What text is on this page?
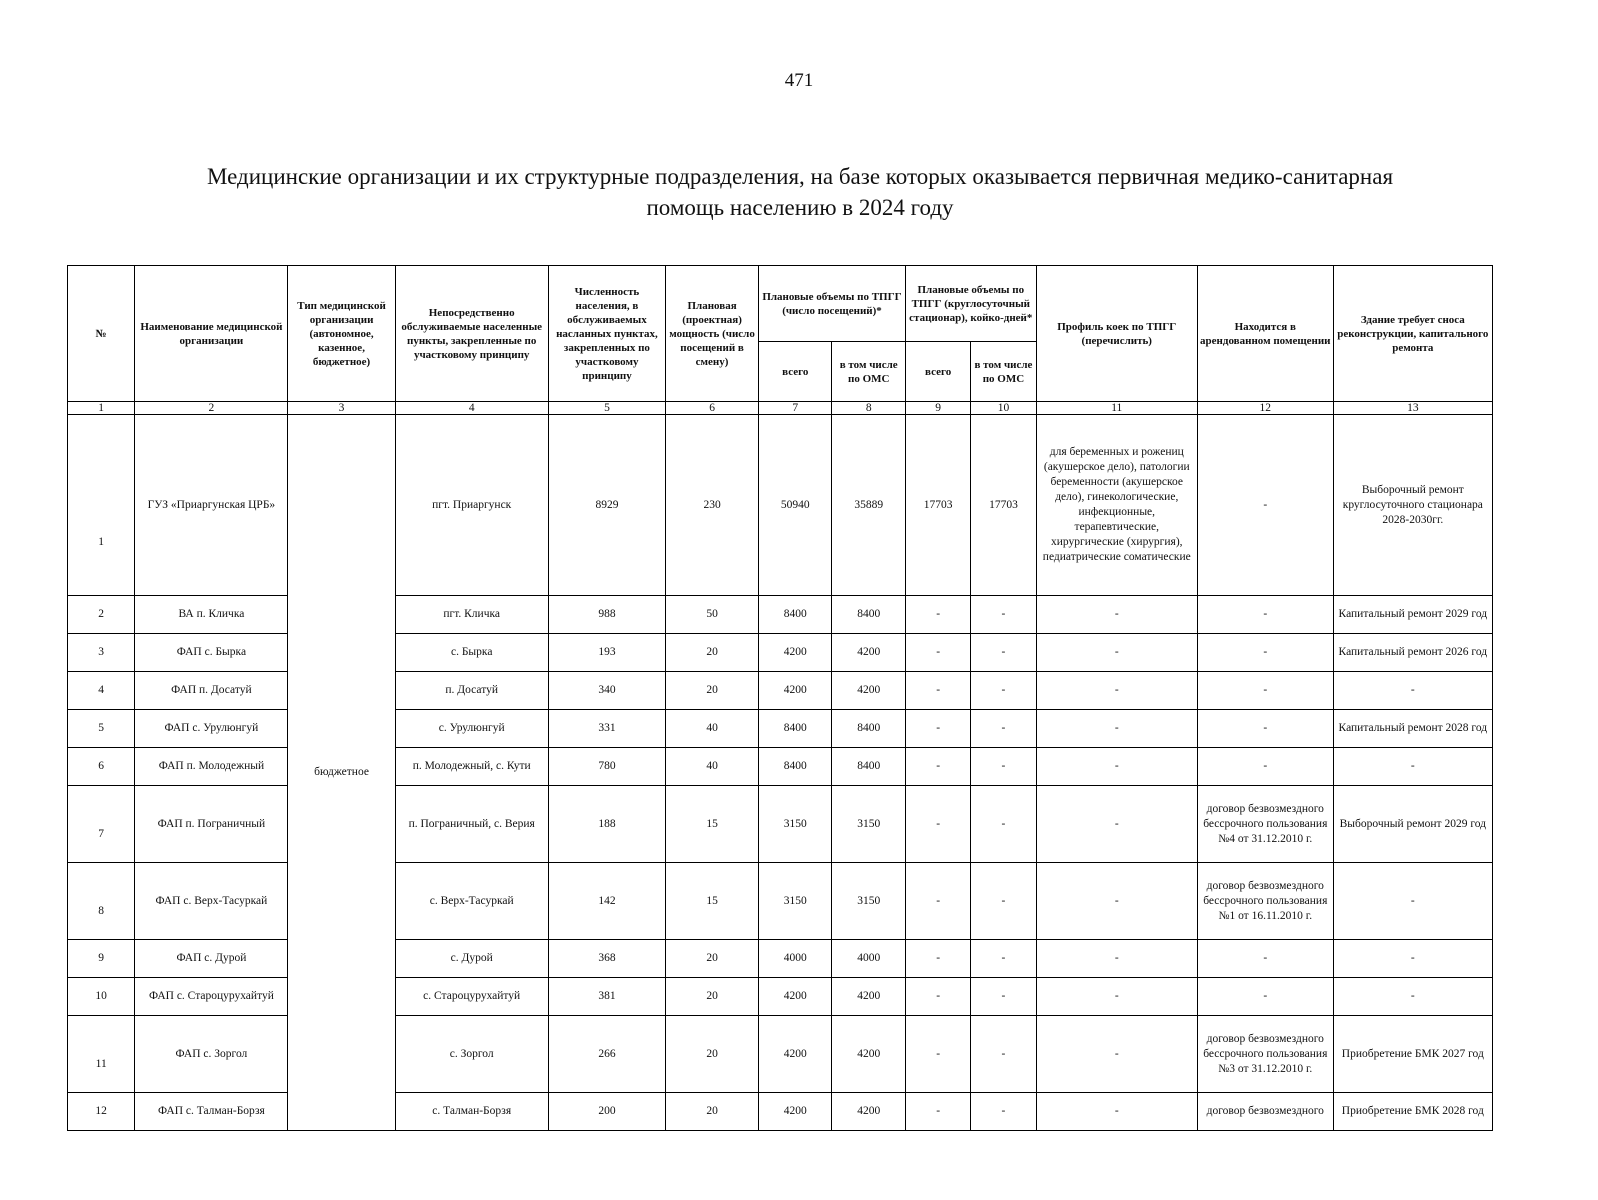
471
Медицинские организации и их структурные подразделения, на базе которых оказывается первичная медико-санитарная
помощь населению в 2024 году
№	Наименование медицинской организации	Тип медицинской организации (автономное, казенное, бюджетное)	Непосредственно обслуживаемые населенные пункты, закрепленные по участковому принципу	Численность населения, в обслуживаемых насланных пунктах, закрепленных по участковому принципу	Плановая (проектная) мощность (число посещений в смену)	Плановые объемы по ТПГГ (число посещений)*		Плановые объемы по ТПГГ (круглосуточный стационар), койко-дней*		Профиль коек по ТПГГ (перечислить)	Находится в арендованном помещении	Здание требует сноса реконструкции, капитального ремонта
						всего	в том числе по ОМС	всего	в том числе по ОМС			
1	2	3	4	5	6	7	8	9	10	11	12	13
1	ГУЗ «Приаргунская ЦРБ»	бюджетное	пгт. Приаргунск	8929	230	50940	35889	17703	17703	для беременных и рожениц (акушерское дело), патологии беременности (акушерское дело), гинекологические, инфекционные, терапевтические, хирургические (хирургия), педиатрические соматические	-	Выборочный ремонт круглосуточного стационара 2028-2030гг.
2	ВА п. Кличка		пгт. Кличка	988	50	8400	8400	-	-	-	-	Капитальный ремонт 2029 год
3	ФАП с. Бырка		с. Бырка	193	20	4200	4200	-	-	-	-	Капитальный ремонт 2026 год
4	ФАП п. Досатуй		п. Досатуй	340	20	4200	4200	-	-	-	-	-
5	ФАП с. Урулюнгуй		с. Урулюнгуй	331	40	8400	8400	-	-	-	-	Капитальный ремонт 2028 год
6	ФАП п. Молодежный		п. Молодежный, с. Кути	780	40	8400	8400	-	-	-	-	-
7	ФАП п. Пограничный		п. Пограничный, с. Верия	188	15	3150	3150	-	-	-	договор безвозмездного бессрочного пользования №4 от 31.12.2010 г.	Выборочный ремонт 2029 год
8	ФАП с. Верх-Тасуркай		с. Верх-Тасуркай	142	15	3150	3150	-	-	-	договор безвозмездного бессрочного пользования №1 от 16.11.2010 г.	-
9	ФАП с. Дурой		с. Дурой	368	20	4000	4000	-	-	-	-	-
10	ФАП с. Староцурухайтуй		с. Староцурухайтуй	381	20	4200	4200	-	-	-	-	-
11	ФАП с. Зоргол		с. Зоргол	266	20	4200	4200	-	-	-	договор безвозмездного бессрочного пользования №3 от 31.12.2010 г.	Приобретение БМК 2027 год
12	ФАП с. Талман-Борзя		с. Талман-Борзя	200	20	4200	4200	-	-	-	договор безвозмездного	Приобретение БМК 2028 год
